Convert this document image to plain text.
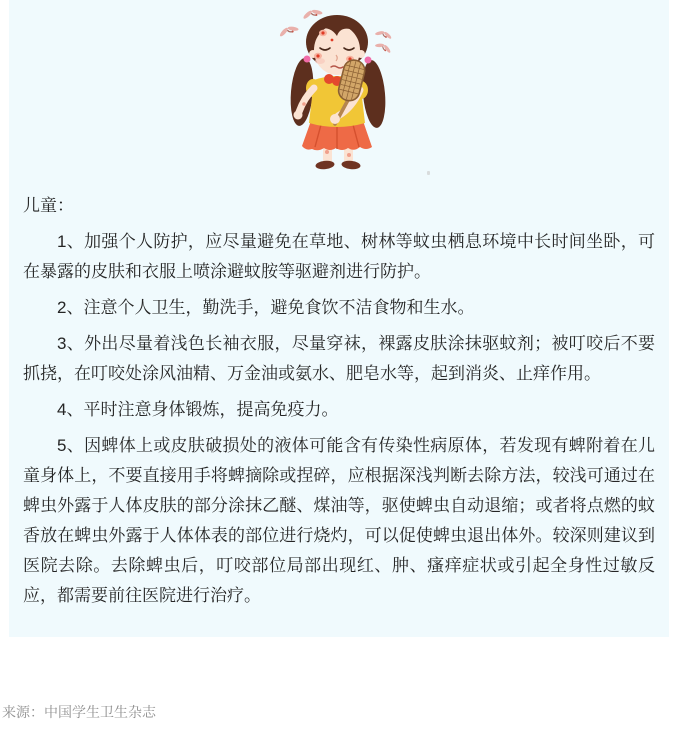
儿童：

1、加强个人防护，应尽量避免在草地、树林等蚊虫栖息环境中长时间坐卧，可在暴露的皮肤和衣服上喷涂避蚊胺等驱避剂进行防护。

2、注意个人卫生，勤洗手，避免食饮不洁食物和生水。

3、外出尽量着浅色长袖衣服，尽量穿袜，裸露皮肤涂抹驱蚊剂；被叮咬后不要抓挠，在叮咬处涂风油精、万金油或氨水、肥皂水等，起到消炎、止痒作用。

4、平时注意身体锻炼，提高免疫力。

5、因蜱体上或皮肤破损处的液体可能含有传染性病原体，若发现有蜱附着在儿童身体上，不要直接用手将蜱摘除或捏碎，应根据深浅判断去除方法，较浅可通过在蜱虫外露于人体皮肤的部分涂抹乙醚、煤油等，驱使蜱虫自动退缩；或者将点燃的蚊香放在蜱虫外露于人体体表的部位进行烧灼，可以促使蜱虫退出体外。较深则建议到医院去除。去除蜱虫后，叮咬部位局部出现红、肿、瘙痒症状或引起全身性过敏反应，都需要前往医院进行治疗。

来源：中国学生卫生杂志
